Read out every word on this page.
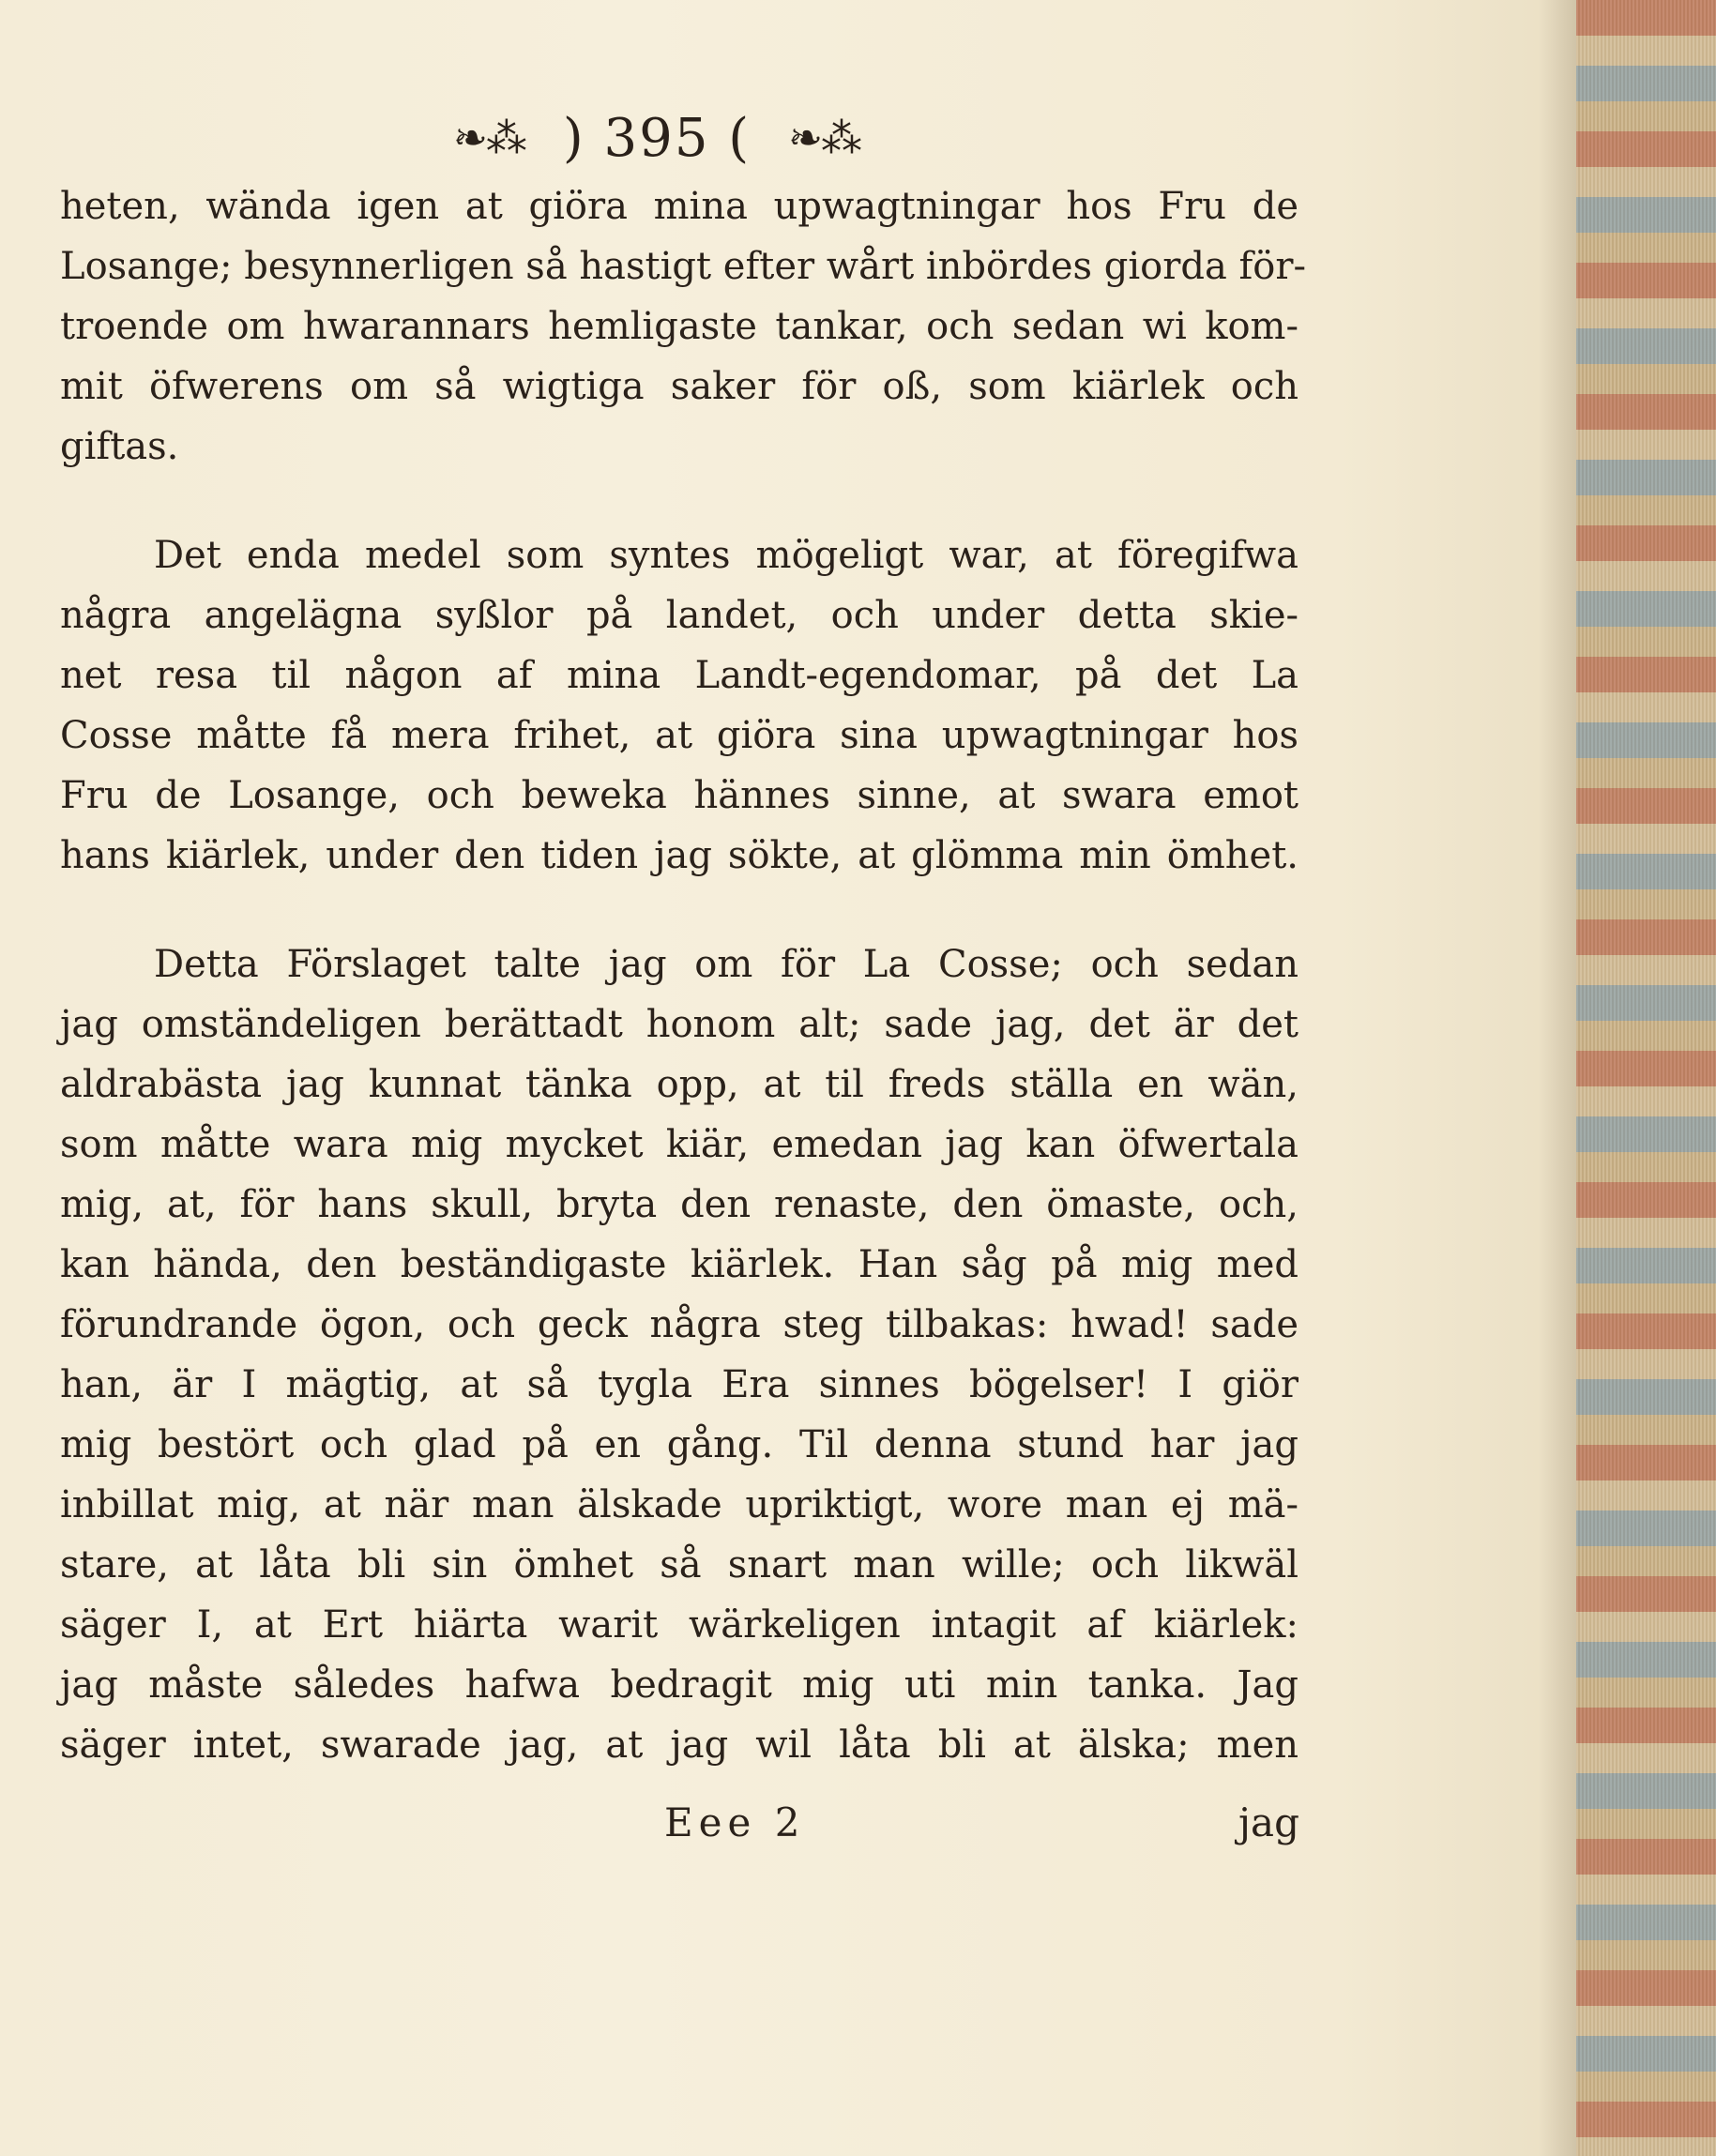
❧⁂ ) 395 ( ❧⁂
heten, wända igen at giöra mina upwagtningar hos Fru de
Losange; besynnerligen så hastigt efter wårt inbördes giorda för-
troende om hwarannars hemligaste tankar, och sedan wi kom-
mit öfwerens om så wigtiga saker för oß, som kiärlek och
giftas.
Det enda medel som syntes mögeligt war, at föregifwa
några angelägna syßlor på landet, och under detta skie-
net resa til någon af mina Landt-egendomar, på det La
Cosse måtte få mera frihet, at giöra sina upwagtningar hos
Fru de Losange, och beweka hännes sinne, at swara emot
hans kiärlek, under den tiden jag sökte, at glömma min ömhet.
Detta Förslaget talte jag om för La Cosse; och sedan
jag omständeligen berättadt honom alt; sade jag, det är det
aldrabästa jag kunnat tänka opp, at til freds ställa en wän,
som måtte wara mig mycket kiär, emedan jag kan öfwertala
mig, at, för hans skull, bryta den renaste, den ömaste, och,
kan hända, den beständigaste kiärlek. Han såg på mig med
förundrande ögon, och geck några steg tilbakas: hwad! sade
han, är I mägtig, at så tygla Era sinnes bögelser! I giör
mig bestört och glad på en gång. Til denna stund har jag
inbillat mig, at när man älskade upriktigt, wore man ej mä-
stare, at låta bli sin ömhet så snart man wille; och likwäl
säger I, at Ert hiärta warit wärkeligen intagit af kiärlek:
jag måste således hafwa bedragit mig uti min tanka. Jag
säger intet, swarade jag, at jag wil låta bli at älska; men
Eee 2	jag
